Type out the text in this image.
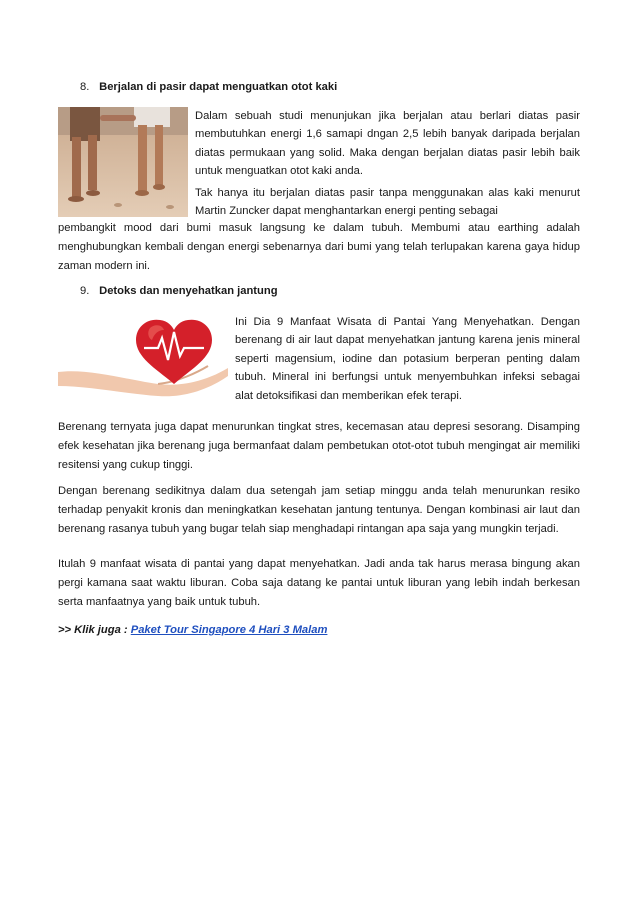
8. Berjalan di pasir dapat menguatkan otot kaki

Dalam sebuah studi menunjukan jika berjalan atau berlari diatas pasir membutuhkan energi 1,6 samapi dngan 2,5 lebih banyak daripada berjalan diatas permukaan yang solid. Maka dengan berjalan diatas pasir lebih baik untuk menguatkan otot kaki anda.

Tak hanya itu berjalan diatas pasir tanpa menggunakan alas kaki menurut Martin Zuncker dapat menghantarkan energi penting sebagai

pembangkit mood dari bumi masuk langsung ke dalam tubuh. Membumi atau earthing adalah menghubungkan kembali dengan energi sebenarnya dari bumi yang telah terlupakan karena gaya hidup zaman modern ini.

9. Detoks dan menyehatkan jantung

Ini Dia 9 Manfaat Wisata di Pantai Yang Menyehatkan. Dengan berenang di air laut dapat menyehatkan jantung karena jenis mineral seperti magensium, iodine dan potasium berperan penting dalam tubuh. Mineral ini berfungsi untuk menyembuhkan infeksi sebagai alat detoksifikasi dan memberikan efek terapi.

Berenang ternyata juga dapat menurunkan tingkat stres, kecemasan atau depresi sesorang. Disamping efek kesehatan jika berenang juga bermanfaat dalam pembetukan otot-otot tubuh mengingat air memiliki resitensi yang cukup tinggi.

Dengan berenang sedikitnya dalam dua setengah jam setiap minggu anda telah menurunkan resiko terhadap penyakit kronis dan meningkatkan kesehatan jantung tentunya. Dengan kombinasi air laut dan berenang rasanya tubuh yang bugar telah siap menghadapi rintangan apa saja yang mungkin terjadi.

Itulah 9 manfaat wisata di pantai yang dapat menyehatkan. Jadi anda tak harus merasa bingung akan pergi kamana saat waktu liburan. Coba saja datang ke pantai untuk liburan yang lebih indah berkesan serta manfaatnya yang baik untuk tubuh.

>> Klik juga : Paket Tour Singapore 4 Hari 3 Malam
